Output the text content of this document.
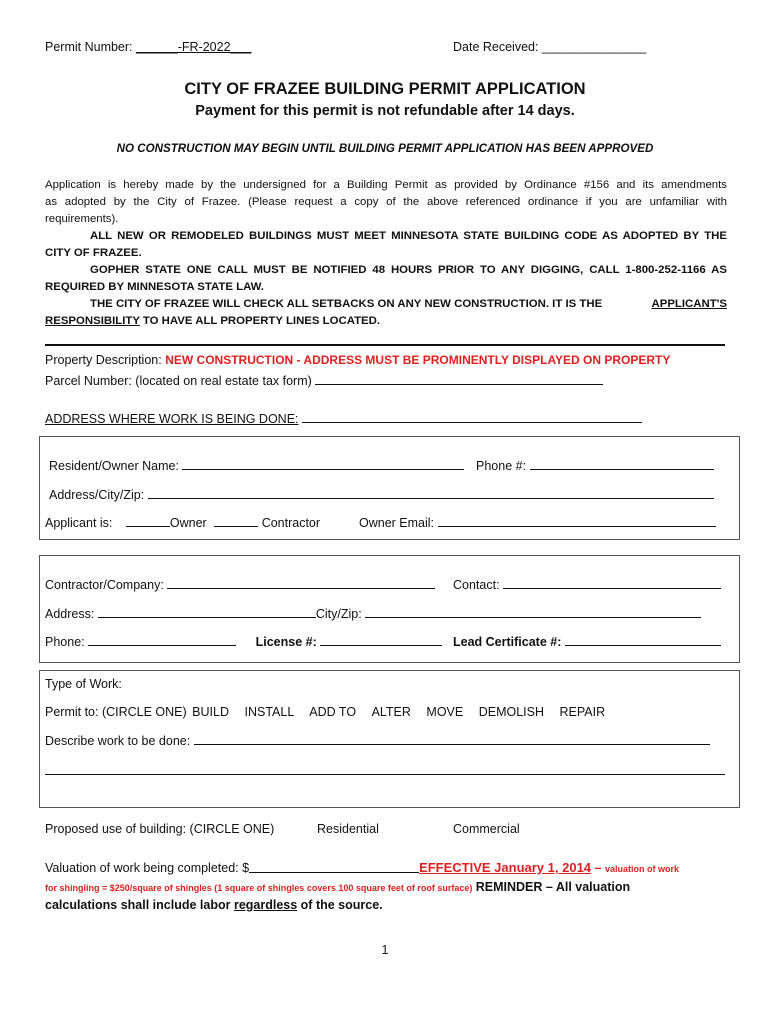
Permit Number: ______-FR-2022___	Date Received: _______________
CITY OF FRAZEE BUILDING PERMIT APPLICATION
Payment for this permit is not refundable after 14 days.
NO CONSTRUCTION MAY BEGIN UNTIL BUILDING PERMIT APPLICATION HAS BEEN APPROVED
Application is hereby made by the undersigned for a Building Permit as provided by Ordinance #156 and its amendments
as adopted by the City of Frazee. (Please request a copy of the above referenced ordinance if you are unfamiliar with
requirements).
ALL NEW OR REMODELED BUILDINGS MUST MEET MINNESOTA STATE BUILDING CODE AS ADOPTED BY THE
CITY OF FRAZEE.
GOPHER STATE ONE CALL MUST BE NOTIFIED 48 HOURS PRIOR TO ANY DIGGING, CALL 1-800-252-1166 AS
REQUIRED BY MINNESOTA STATE LAW.
THE CITY OF FRAZEE WILL CHECK ALL SETBACKS ON ANY NEW CONSTRUCTION. IT IS THE	APPLICANT'S
RESPONSIBILITY TO HAVE ALL PROPERTY LINES LOCATED.
Property Description: NEW CONSTRUCTION - ADDRESS MUST BE PROMINENTLY DISPLAYED ON PROPERTY
Parcel Number: (located on real estate tax form)
ADDRESS WHERE WORK IS BEING DONE:
Resident/Owner Name:	Phone #:
Address/City/Zip:
Applicant is:	Owner	Contractor	Owner Email:
Contractor/Company:	Contact:
Address:	City/Zip:
Phone:	License #:	Lead Certificate #:
Type of Work:
Permit to: (CIRCLE ONE) BUILD INSTALL ADD TO ALTER MOVE DEMOLISH REPAIR
Describe work to be done:
Proposed use of building: (CIRCLE ONE)	Residential	Commercial
Valuation of work being completed: $	EFFECTIVE January 1, 2014 – valuation of work
for shingling = $250/square of shingles (1 square of shingles covers 100 square feet of roof surface) REMINDER – All valuation
calculations shall include labor regardless of the source.
1
